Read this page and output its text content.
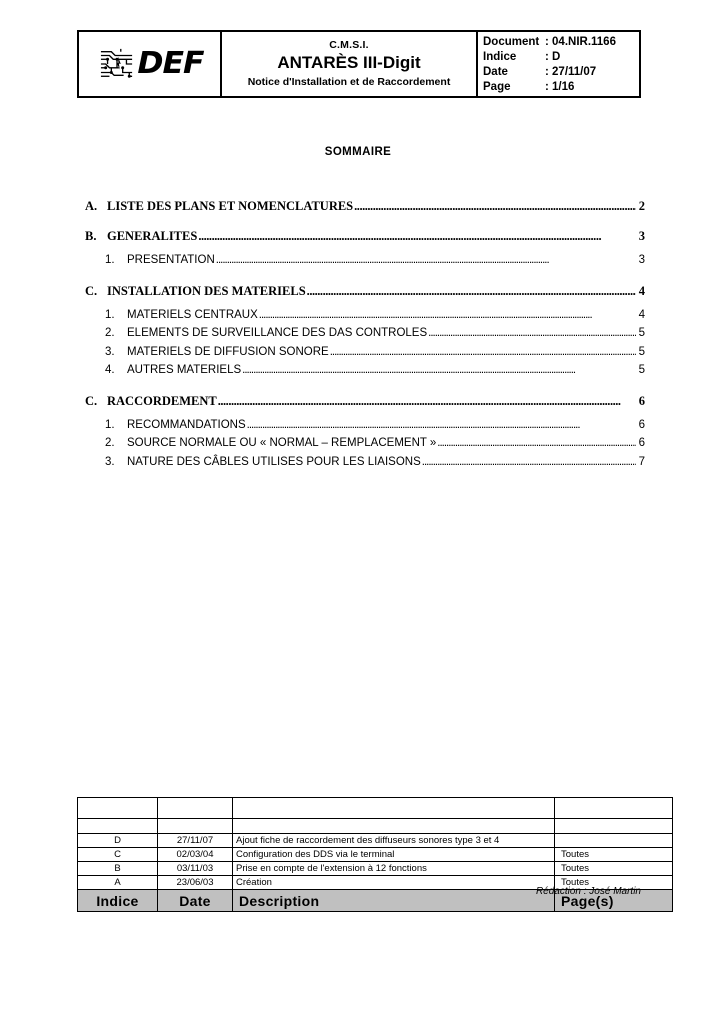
DEF
C.M.S.I.
ANTARÈS III-Digit
Notice d'Installation et de Raccordement
Document : 04.NIR.1166
Indice	: D
Date	: 27/11/07
Page	: 1/16
SOMMAIRE
A. LISTE DES PLANS ET NOMENCLATURES . . .	2
B. GENERALITES . . .	3
1.	PRESENTATION . . .	3
C. INSTALLATION DES MATERIELS . . .	4
1.	MATERIELS CENTRAUX . . .	4
2.	ELEMENTS DE SURVEILLANCE DES DAS CONTROLES . . .	5
3.	MATERIELS DE DIFFUSION SONORE . . .	5
4.	AUTRES MATERIELS . . .	5
C. RACCORDEMENT . . .	6
1.	RECOMMANDATIONS . . .	6
2.	SOURCE NORMALE OU « NORMAL – REMPLACEMENT » . . .	6
3.	NATURE DES CÂBLES UTILISES POUR LES LIAISONS . . .	7

D	27/11/07	Ajout fiche de raccordement des diffuseurs sonores type 3 et 4	
C	02/03/04	Configuration des DDS via le terminal	Toutes
B	03/11/03	Prise en compte de l'extension à 12 fonctions	Toutes
A	23/06/03	Création	Toutes
Indice	Date	Description	Page(s)
Rédaction : José Martin
